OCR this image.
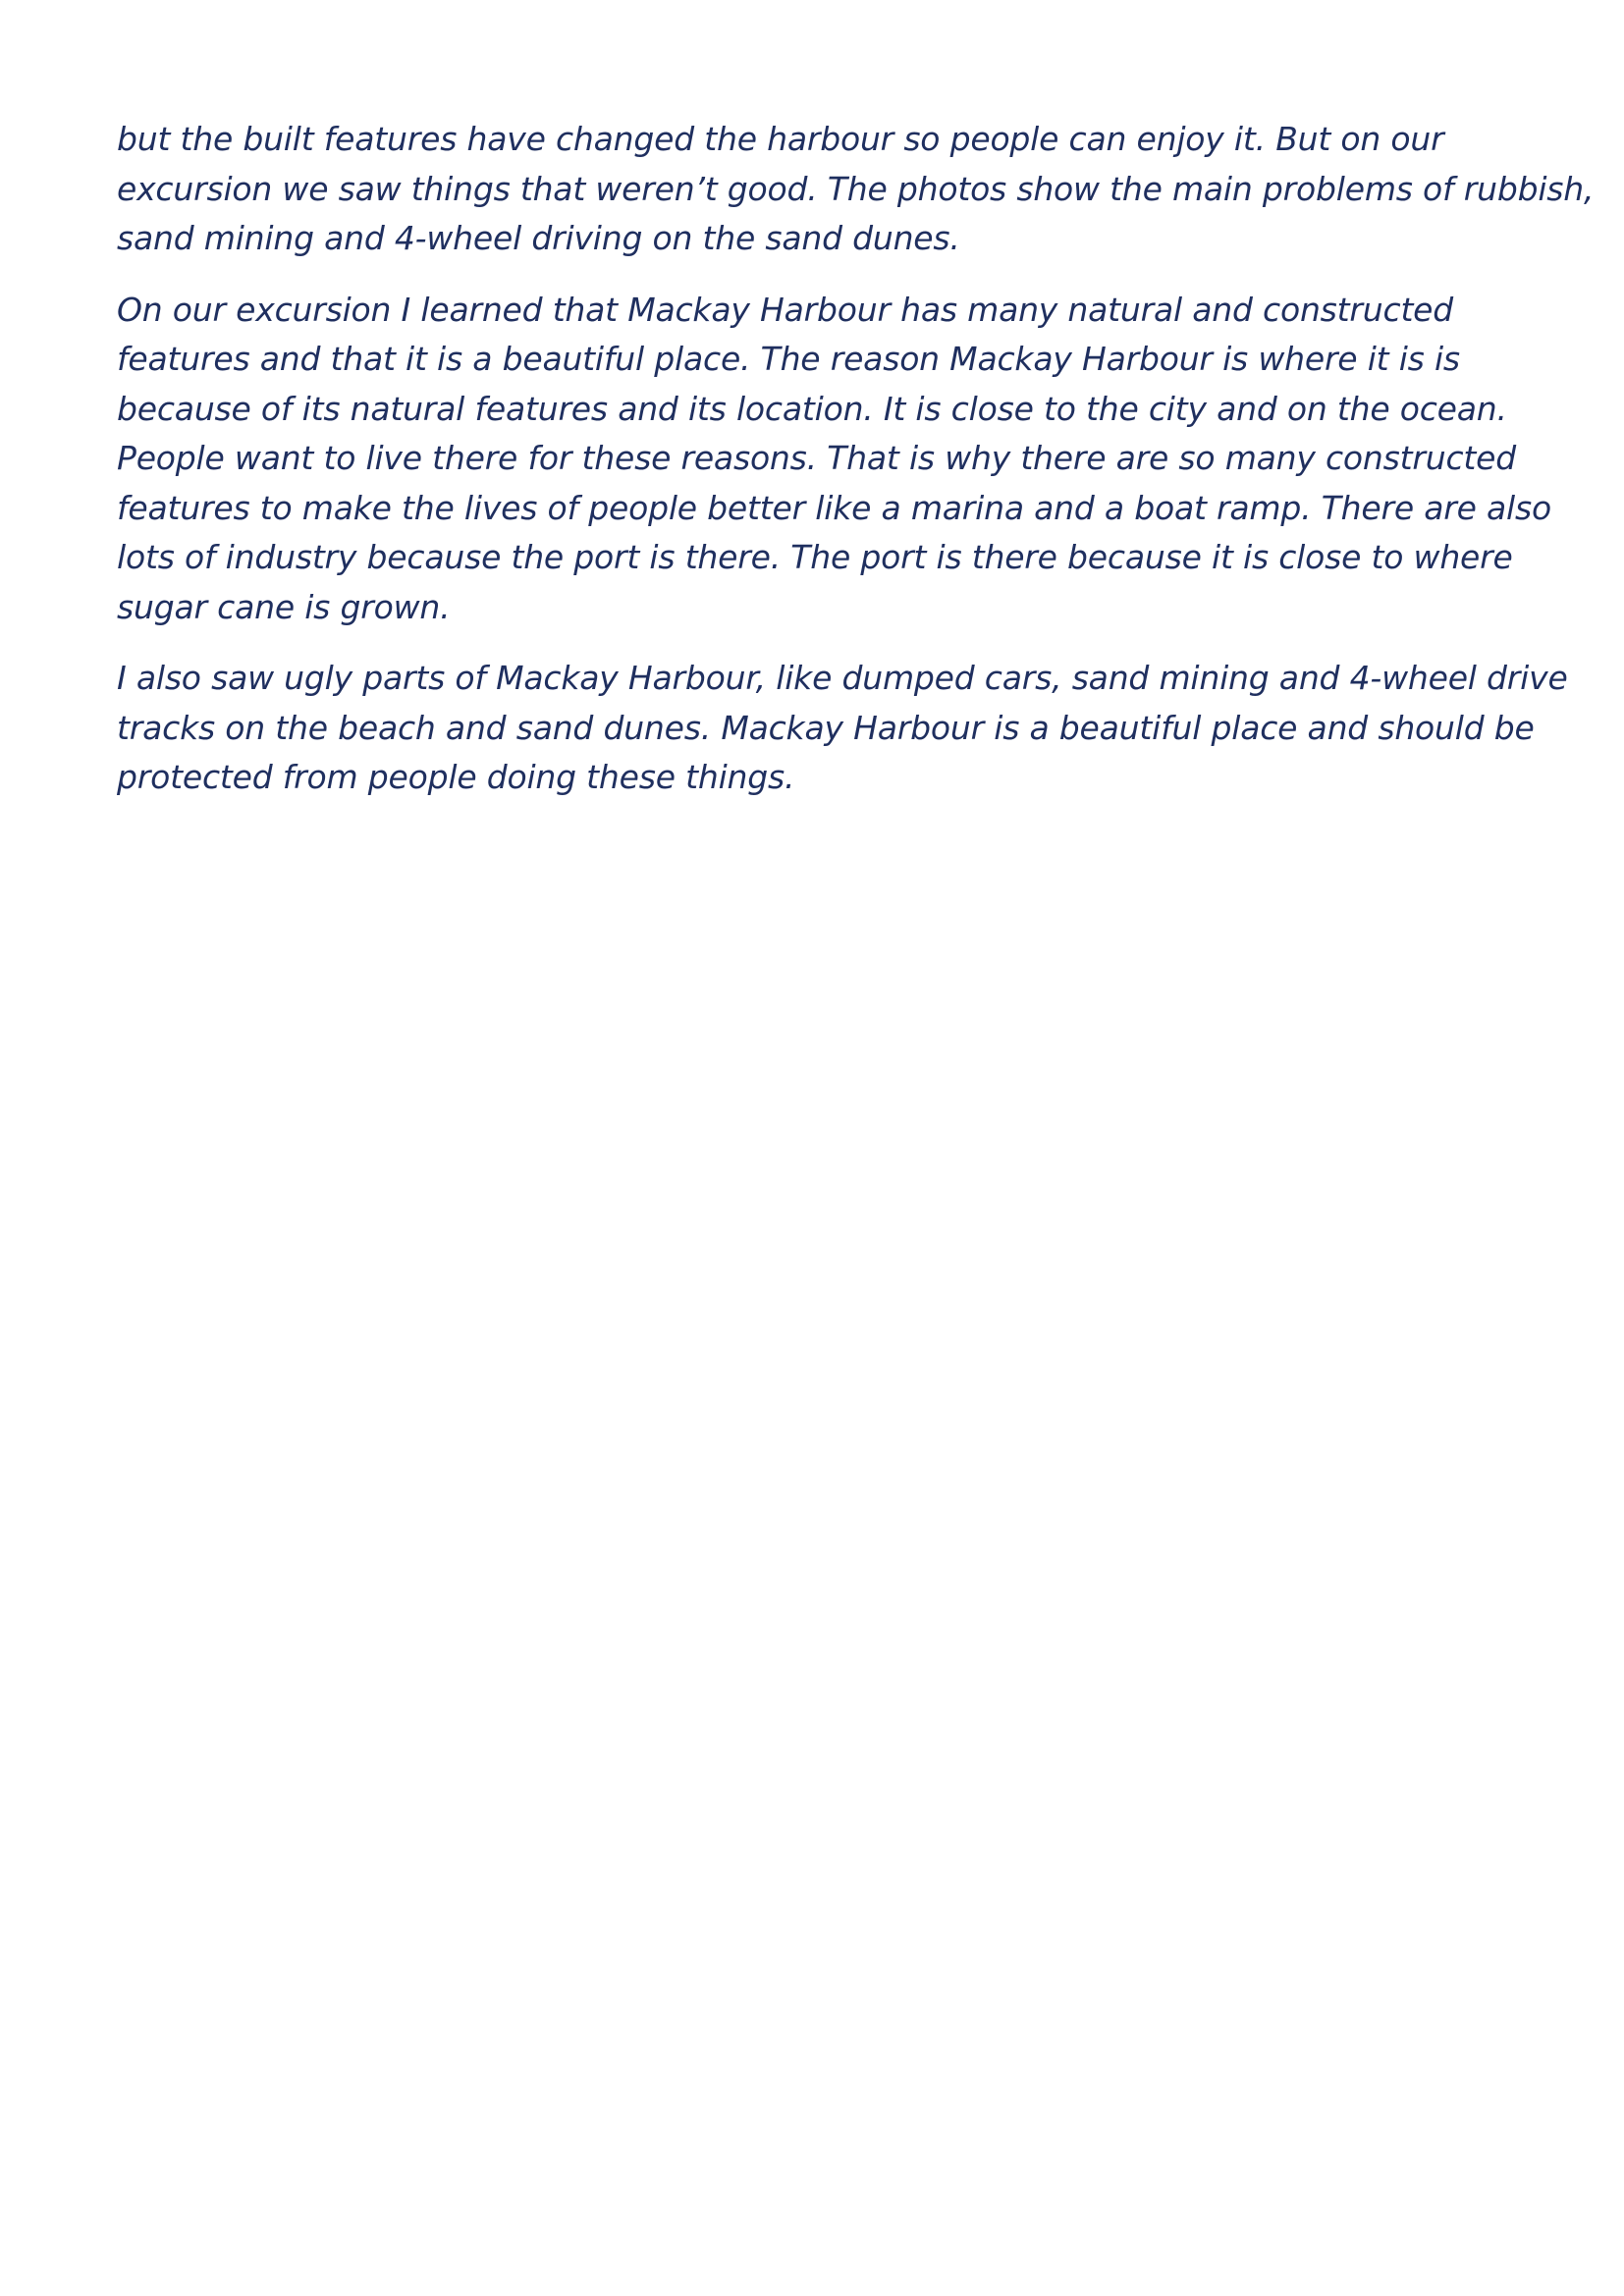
but the built features have changed the harbour so people can enjoy it. But on our
excursion we saw things that weren’t good. The photos show the main problems of rubbish,
sand mining and 4-wheel driving on the sand dunes.

On our excursion I learned that Mackay Harbour has many natural and constructed
features and that it is a beautiful place. The reason Mackay Harbour is where it is is
because of its natural features and its location. It is close to the city and on the ocean.
People want to live there for these reasons. That is why there are so many constructed
features to make the lives of people better like a marina and a boat ramp. There are also
lots of industry because the port is there. The port is there because it is close to where
sugar cane is grown.

I also saw ugly parts of Mackay Harbour, like dumped cars, sand mining and 4-wheel drive
tracks on the beach and sand dunes. Mackay Harbour is a beautiful place and should be
protected from people doing these things.
